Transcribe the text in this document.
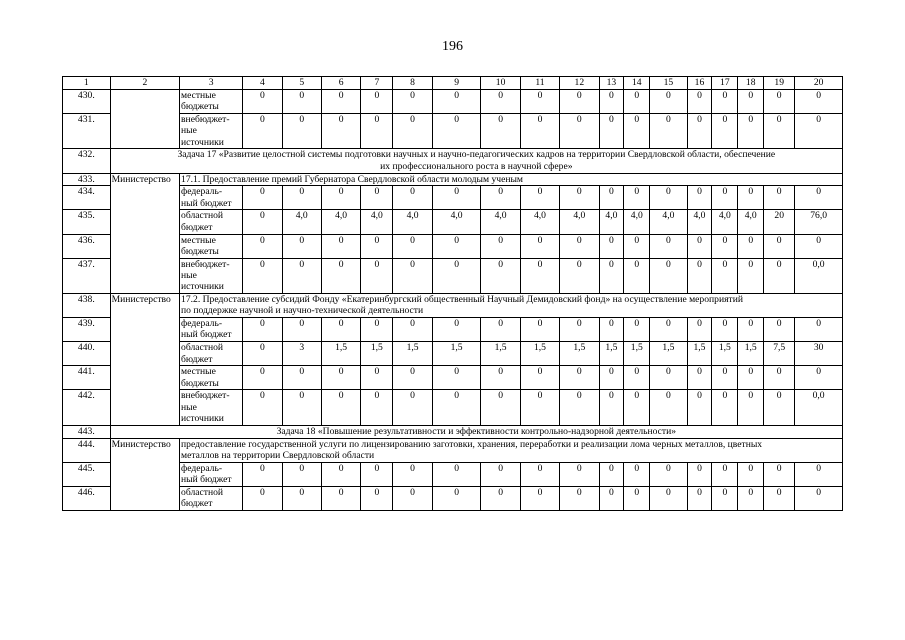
196
1	2	3	4	5	6	7	8	9	10	11	12	13	14	15	16	17	18	19	20
430.		местные
бюджеты	0	0	0	0	0	0	0	0	0	0	0	0	0	0	0	0	0
431.		внебюджет-
ные
источники	0	0	0	0	0	0	0	0	0	0	0	0	0	0	0	0	0
432.	Задача 17 «Развитие целостной системы подготовки научных и научно-педагогических кадров на территории Свердловской области, обеспечение
их профессионального роста в научной сфере»																		
433.	Министерство	17.1. Предоставление премий Губернатора Свердловской области молодым ученым																	
434.		федераль-
ный бюджет	0	0	0	0	0	0	0	0	0	0	0	0	0	0	0	0	0
435.		областной
бюджет	0	4,0	4,0	4,0	4,0	4,0	4,0	4,0	4,0	4,0	4,0	4,0	4,0	4,0	4,0	20	76,0
436.		местные
бюджеты	0	0	0	0	0	0	0	0	0	0	0	0	0	0	0	0	0
437.		внебюджет-
ные
источники	0	0	0	0	0	0	0	0	0	0	0	0	0	0	0	0	0,0
438.	Министерство	17.2. Предоставление субсидий Фонду «Екатеринбургский общественный Научный Демидовский фонд» на осуществление мероприятий
по поддержке научной и научно-технической деятельности																	
439.		федераль-
ный бюджет	0	0	0	0	0	0	0	0	0	0	0	0	0	0	0	0	0
440.		областной
бюджет	0	3	1,5	1,5	1,5	1,5	1,5	1,5	1,5	1,5	1,5	1,5	1,5	1,5	1,5	7,5	30
441.		местные
бюджеты	0	0	0	0	0	0	0	0	0	0	0	0	0	0	0	0	0
442.		внебюджет-
ные
источники	0	0	0	0	0	0	0	0	0	0	0	0	0	0	0	0	0,0
443.	Задача 18 «Повышение результативности и эффективности контрольно-надзорной деятельности»																		
444.	Министерство	предоставление государственной услуги по лицензированию заготовки, хранения, переработки и реализации лома черных металлов, цветных
металлов на территории Свердловской области																	
445.		федераль-
ный бюджет	0	0	0	0	0	0	0	0	0	0	0	0	0	0	0	0	0
446.		областной
бюджет	0	0	0	0	0	0	0	0	0	0	0	0	0	0	0	0	0
